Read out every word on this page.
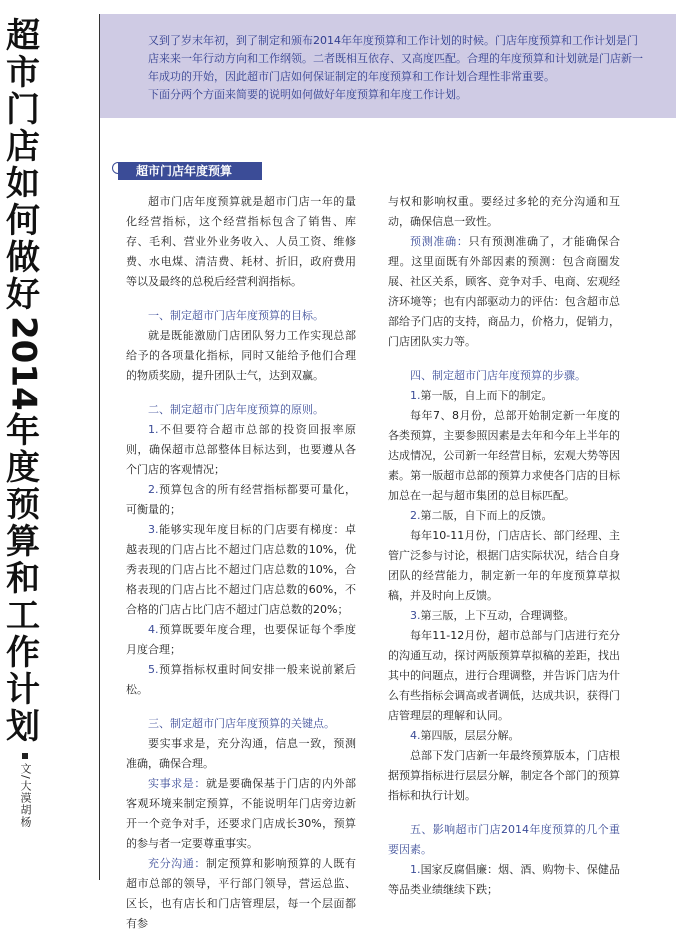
超市门店如何做好
2014
年度预算和工作计划
文/大漠胡杨

又到了岁末年初，到了制定和颁布2014年年度预算和工作计划的时候。门店年度预算和工作计划是门店来来一年行动方向和工作纲领。二者既相互依存、又高度匹配。合理的年度预算和计划就是门店新一年成功的开始，因此超市门店如何保证制定的年度预算和工作计划合理性非常重要。

下面分两个方面来简要的说明如何做好年度预算和年度工作计划。

超市门店年度预算

超市门店年度预算就是超市门店一年的量化经营指标，这个经营指标包含了销售、库存、毛利、营业外业务收入、人员工资、维修费、水电煤、清洁费、耗材、折旧，政府费用等以及最终的总税后经营利润指标。

一、制定超市门店年度预算的目标。

就是既能激励门店团队努力工作实现总部给予的各项量化指标，同时又能给予他们合理的物质奖励，提升团队士气，达到双赢。

二、制定超市门店年度预算的原则。

1.不但要符合超市总部的投资回报率原则，确保超市总部整体目标达到，也要遵从各个门店的客观情况；

2.预算包含的所有经营指标都要可量化，可衡量的；

3.能够实现年度目标的门店要有梯度：卓越表现的门店占比不超过门店总数的10%，优秀表现的门店占比不超过门店总数的10%，合格表现的门店占比不超过门店总数的60%，不合格的门店占比门店不超过门店总数的20%；

4.预算既要年度合理，也要保证每个季度月度合理；

5.预算指标权重时间安排一般来说前紧后松。

三、制定超市门店年度预算的关键点。

要实事求是，充分沟通，信息一致，预测准确，确保合理。

实事求是：就是要确保基于门店的内外部客观环境来制定预算，不能说明年门店旁边新开一个竞争对手，还要求门店成长30%，预算的参与者一定要尊重事实。

充分沟通：制定预算和影响预算的人既有超市总部的领导，平行部门领导，营运总监、区长，也有店长和门店管理层，每一个层面都有参

与权和影响权重。要经过多轮的充分沟通和互动，确保信息一致性。

预测准确：只有预测准确了，才能确保合理。这里面既有外部因素的预测：包含商圈发展、社区关系，顾客、竞争对手、电商、宏观经济环境等；也有内部驱动力的评估：包含超市总部给予门店的支持，商品力，价格力，促销力，门店团队实力等。

四、制定超市门店年度预算的步骤。

1.第一版，自上而下的制定。

每年7、8月份，总部开始制定新一年度的各类预算，主要参照因素是去年和今年上半年的达成情况，公司新一年经营目标，宏观大势等因素。第一版超市总部的预算力求使各门店的目标加总在一起与超市集团的总目标匹配。

2.第二版，自下而上的反馈。

每年10-11月份，门店店长、部门经理、主管广泛参与讨论，根据门店实际状况，结合自身团队的经营能力，制定新一年的年度预算草拟稿，并及时向上反馈。

3.第三版，上下互动，合理调整。

每年11-12月份，超市总部与门店进行充分的沟通互动，探讨两版预算草拟稿的差距，找出其中的问题点，进行合理调整，并告诉门店为什么有些指标会调高或者调低，达成共识，获得门店管理层的理解和认同。

4.第四版，层层分解。

总部下发门店新一年最终预算版本，门店根据预算指标进行层层分解，制定各个部门的预算指标和执行计划。

五、影响超市门店2014年度预算的几个重要因素。

1.国家反腐倡廉：烟、酒、购物卡、保健品等品类业绩继续下跌；
